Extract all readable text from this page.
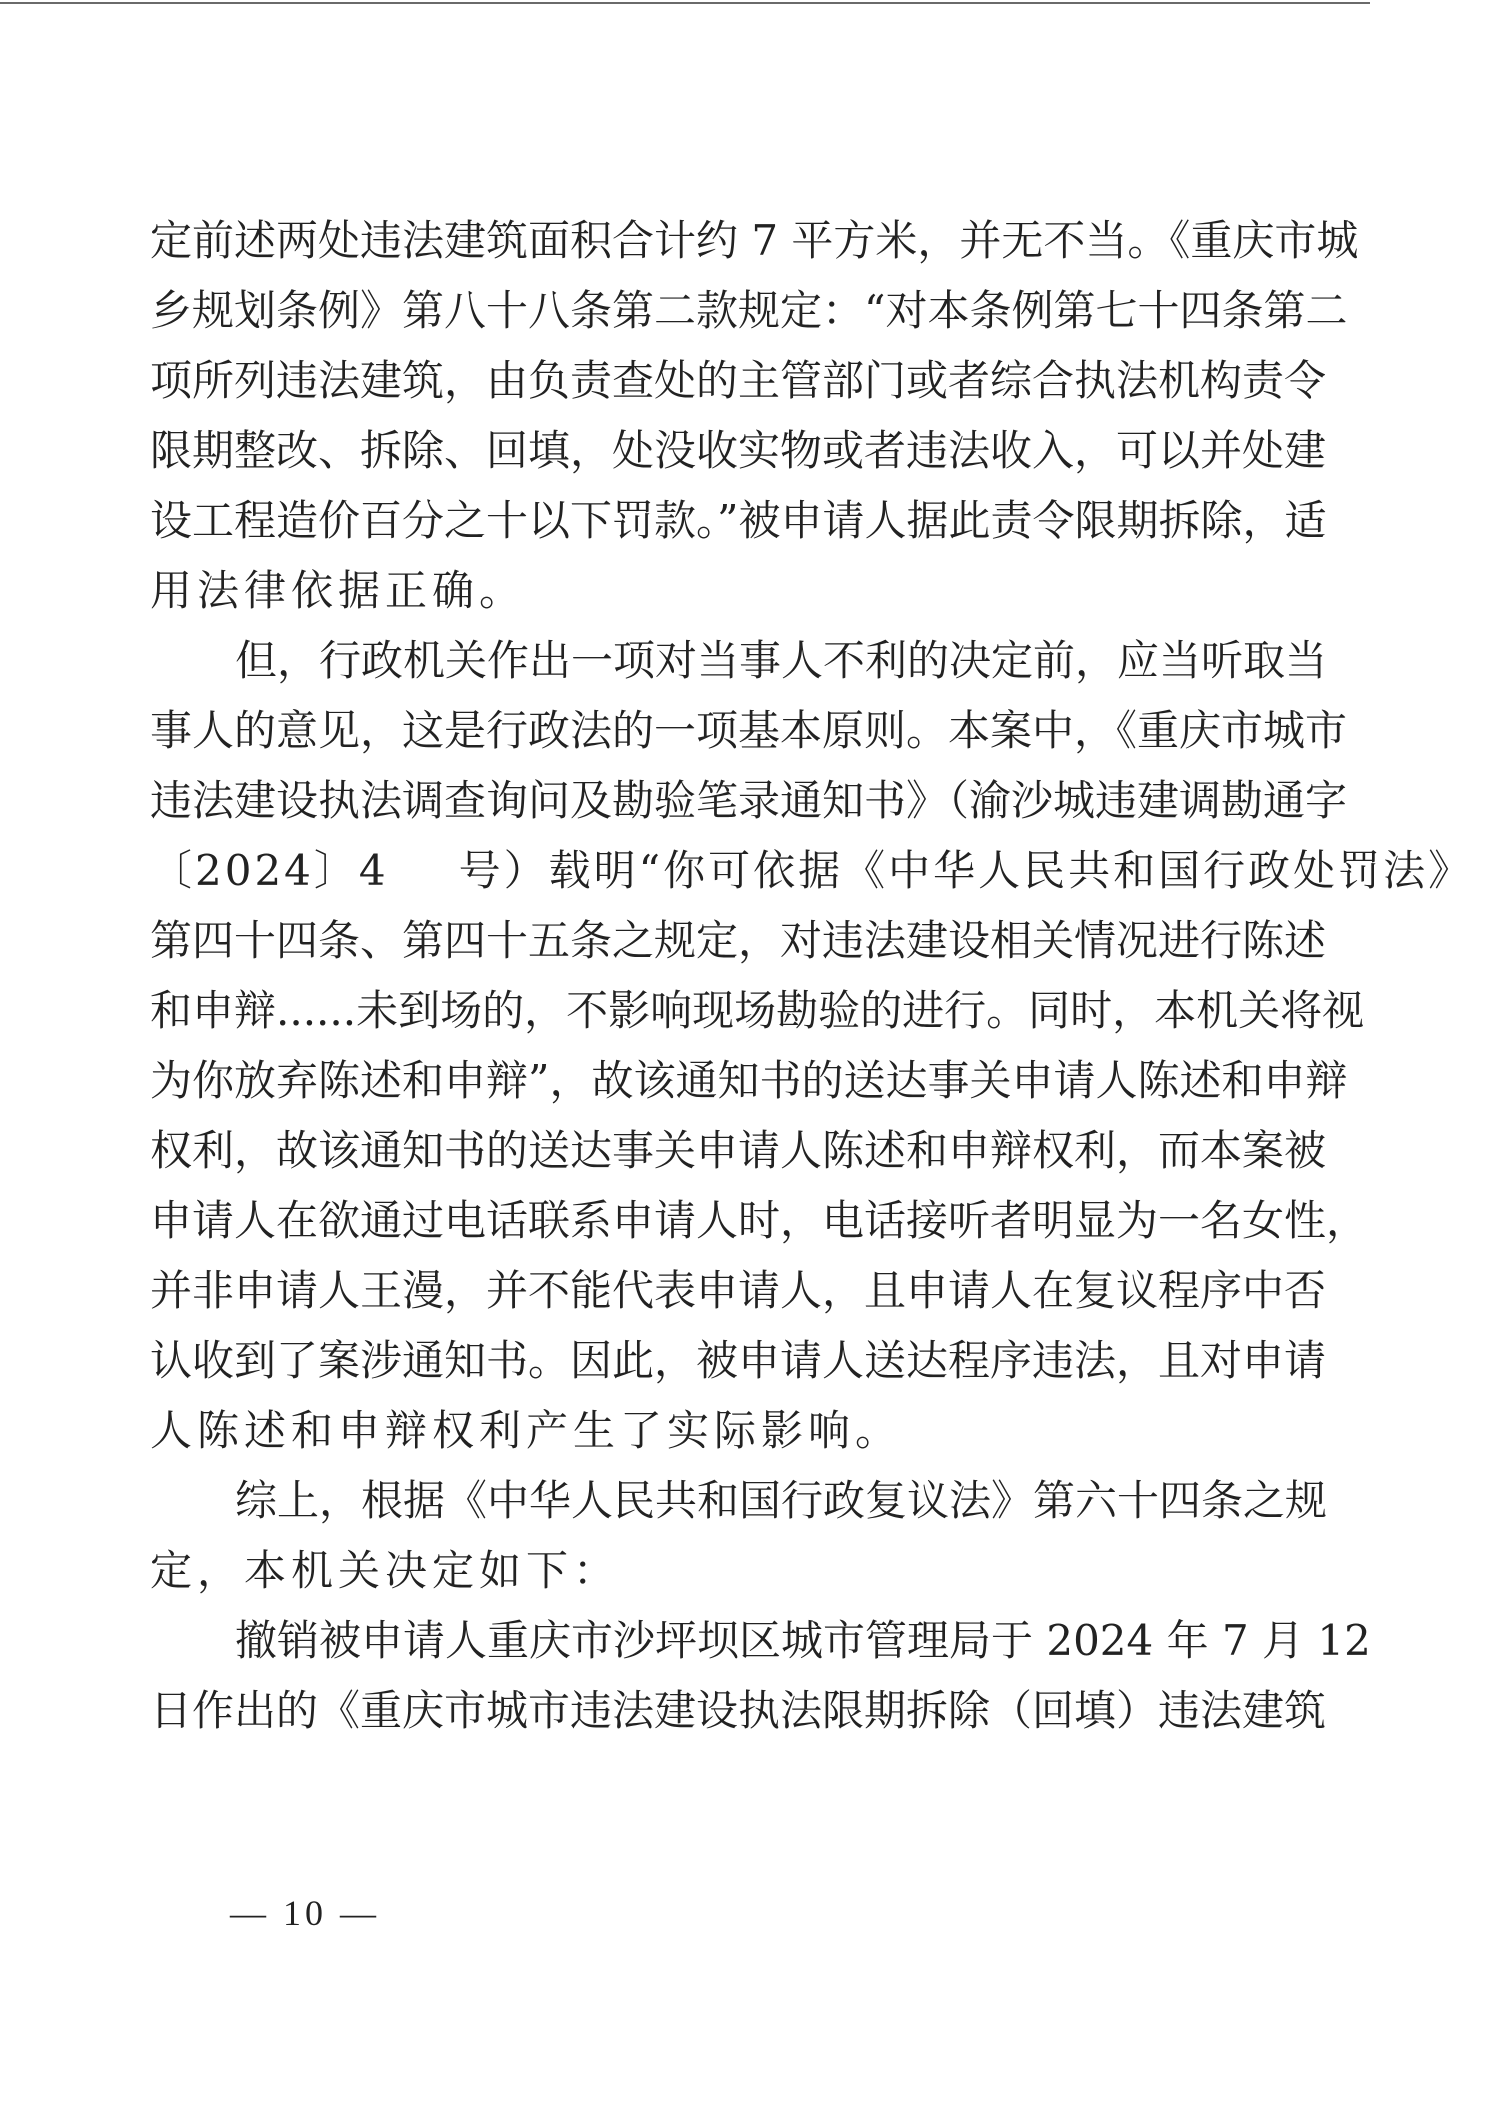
定前述两处违法建筑面积合计约 7 平方米，并无不当。《重庆市城
乡规划条例》第八十八条第二款规定：“对本条例第七十四条第二
项所列违法建筑，由负责查处的主管部门或者综合执法机构责令
限期整改、拆除、回填，处没收实物或者违法收入，可以并处建
设工程造价百分之十以下罚款。”被申请人据此责令限期拆除，适
用法律依据正确。
但，行政机关作出一项对当事人不利的决定前，应当听取当
事人的意见，这是行政法的一项基本原则。本案中，《重庆市城市
违法建设执法调查询问及勘验笔录通知书》（渝沙城违建调勘通字
〔2024〕4 号）载明“你可依据《中华人民共和国行政处罚法》
第四十四条、第四十五条之规定，对违法建设相关情况进行陈述
和申辩......未到场的，不影响现场勘验的进行。同时，本机关将视
为你放弃陈述和申辩”，故该通知书的送达事关申请人陈述和申辩
权利，故该通知书的送达事关申请人陈述和申辩权利，而本案被
申请人在欲通过电话联系申请人时，电话接听者明显为一名女性，
并非申请人王漫，并不能代表申请人，且申请人在复议程序中否
认收到了案涉通知书。因此，被申请人送达程序违法，且对申请
人陈述和申辩权利产生了实际影响。
综上，根据《中华人民共和国行政复议法》第六十四条之规
定，本机关决定如下：
撤销被申请人重庆市沙坪坝区城市管理局于 2024 年 7 月 12
日作出的《重庆市城市违法建设执法限期拆除（回填）违法建筑
— 10 —
